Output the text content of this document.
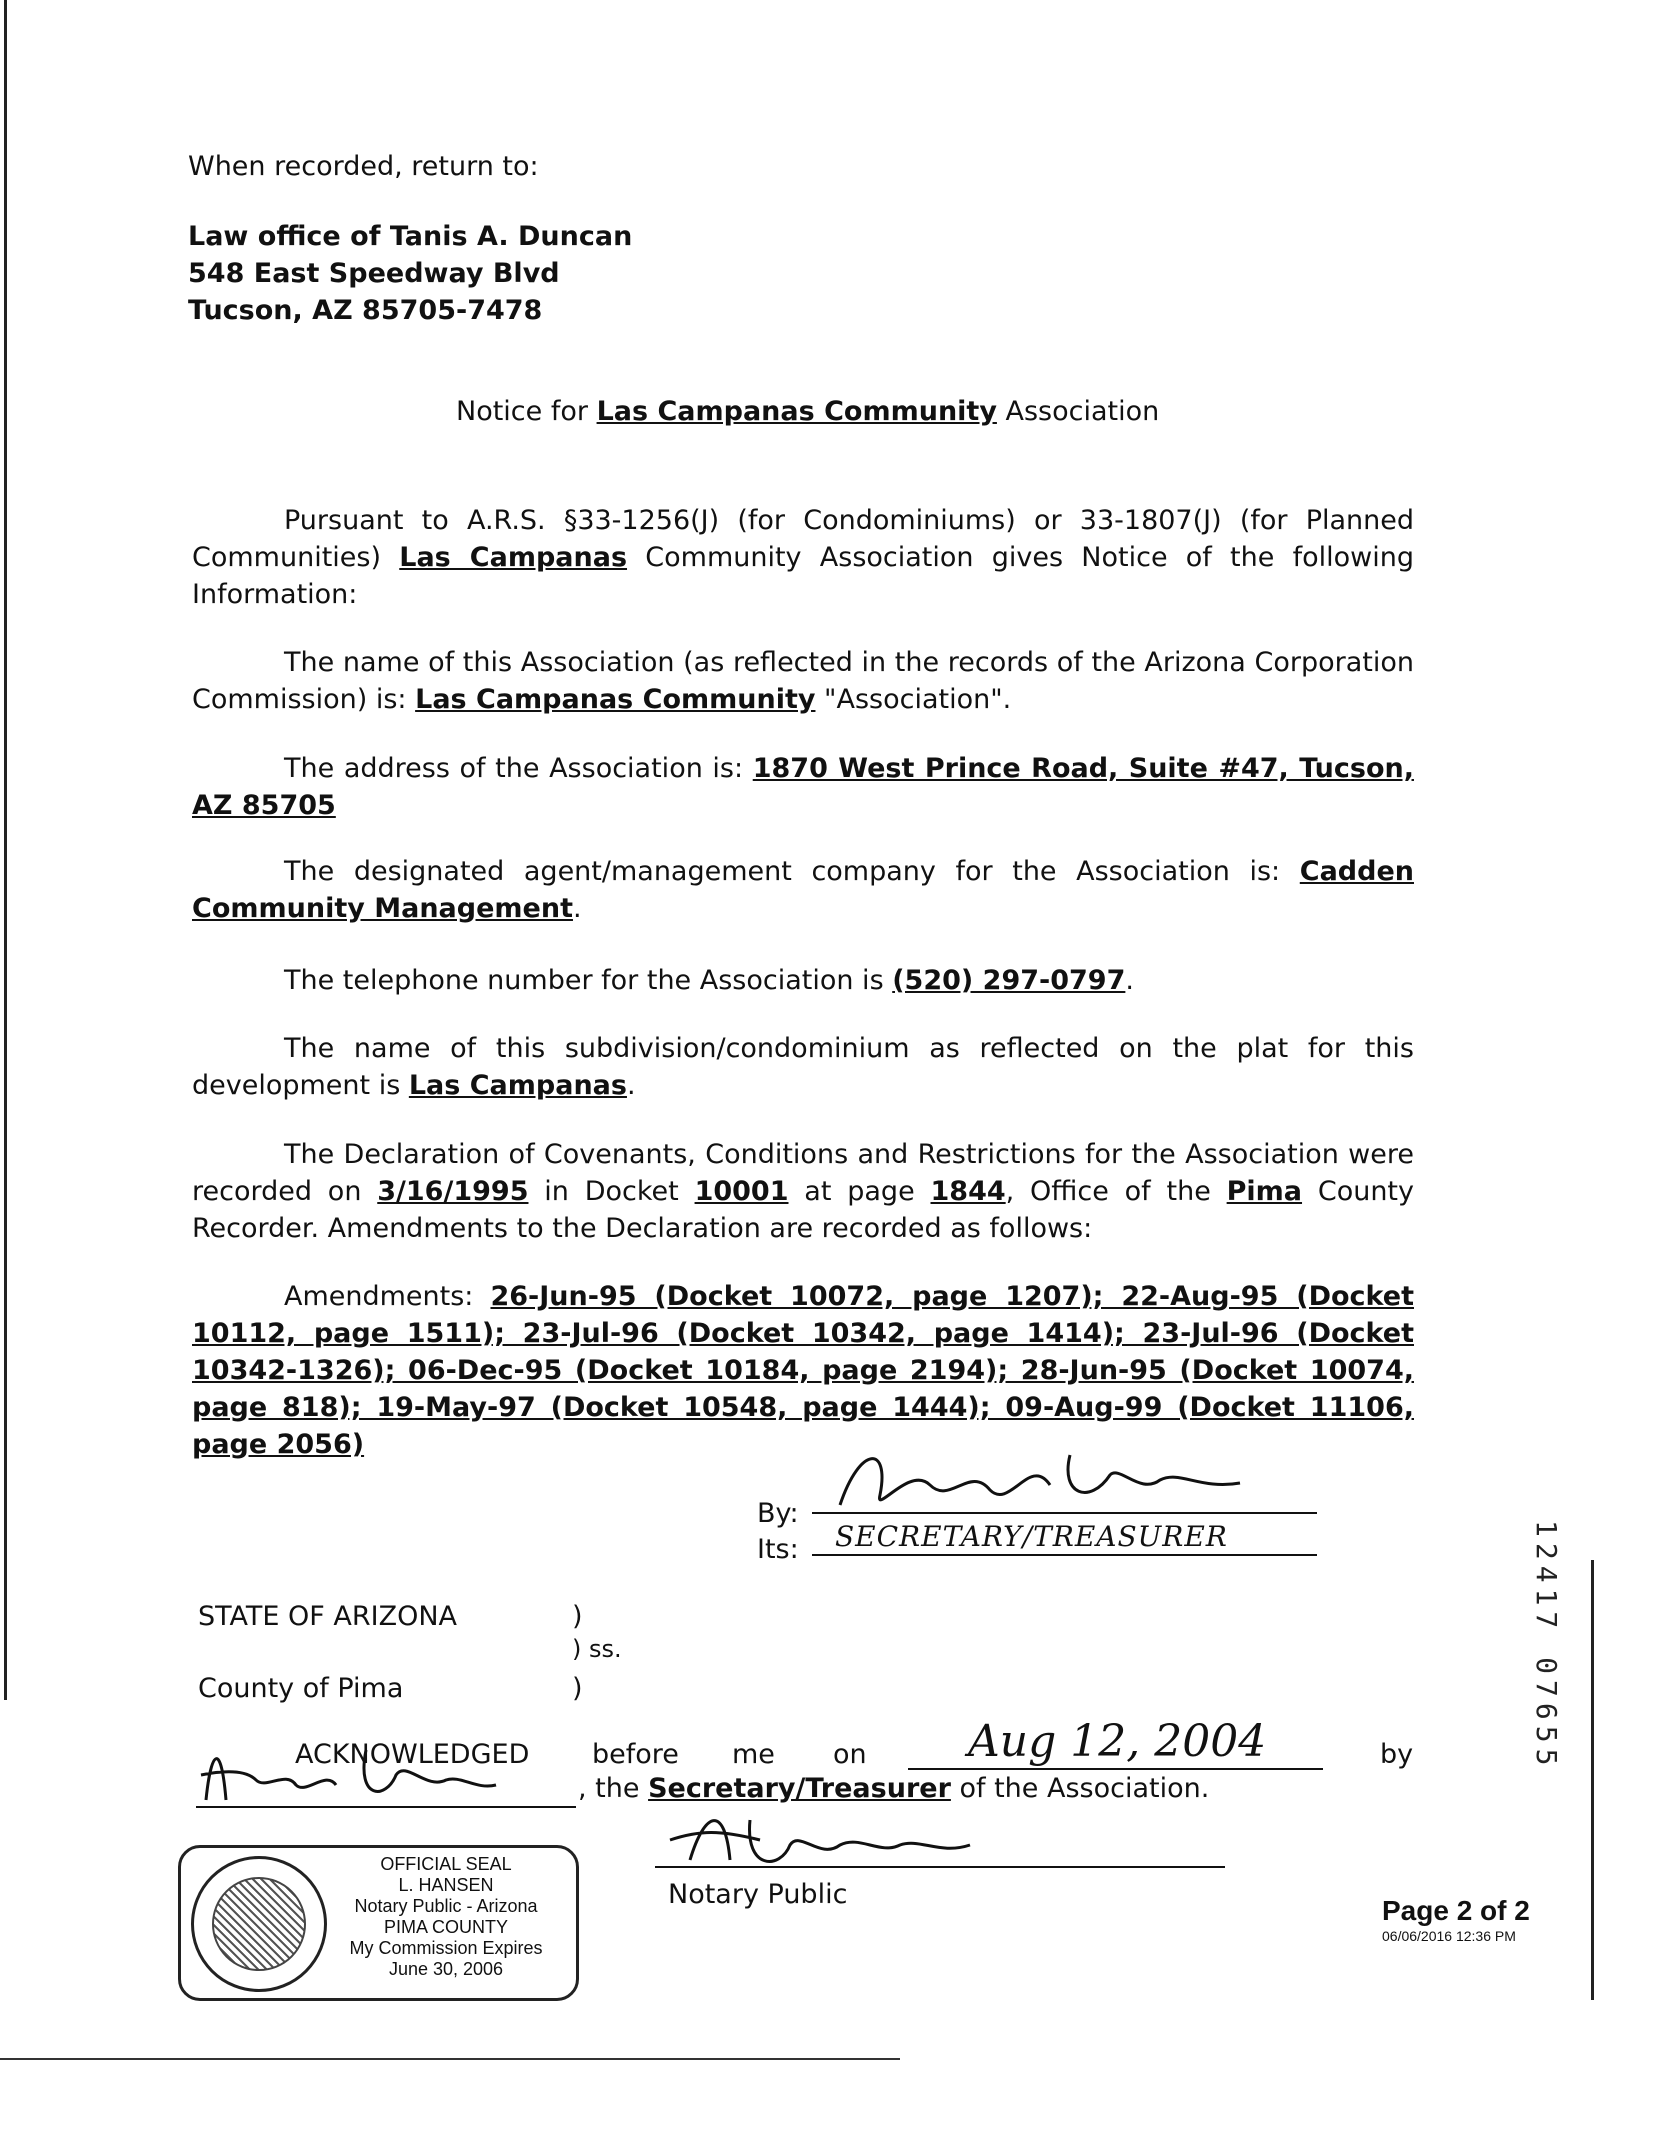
When recorded, return to:
Law office of Tanis A. Duncan
548 East Speedway Blvd
Tucson, AZ 85705-7478
Notice for Las Campanas Community Association
Pursuant to A.R.S. §33-1256(J) (for Condominiums) or 33-1807(J) (for Planned Communities) Las Campanas Community Association gives Notice of the following Information:
The name of this Association (as reflected in the records of the Arizona Corporation Commission) is: Las Campanas Community "Association".
The address of the Association is: 1870 West Prince Road, Suite #47, Tucson, AZ 85705
The designated agent/management company for the Association is: Cadden Community Management.
The telephone number for the Association is (520) 297-0797.
The name of this subdivision/condominium as reflected on the plat for this development is Las Campanas.
The Declaration of Covenants, Conditions and Restrictions for the Association were recorded on 3/16/1995 in Docket 10001 at page 1844, Office of the Pima County Recorder. Amendments to the Declaration are recorded as follows:
Amendments: 26-Jun-95 (Docket 10072, page 1207); 22-Aug-95 (Docket 10112, page 1511); 23-Jul-96 (Docket 10342, page 1414); 23-Jul-96 (Docket 10342-1326); 06-Dec-95 (Docket 10184, page 2194); 28-Jun-95 (Docket 10074, page 818); 19-May-97 (Docket 10548, page 1444); 09-Aug-99 (Docket 11106, page 2056)
By:
Its: SECRETARY/TREASURER
STATE OF ARIZONA	)
) ss.
County of Pima	)
ACKNOWLEDGED before me on Aug 12, 2004	by
, the Secretary/Treasurer of the Association.
Notary Public
OFFICIAL SEAL
L. HANSEN
Notary Public - Arizona
PIMA COUNTY
My Commission Expires
June 30, 2006
12417 07655
Page 2 of 2
06/06/2016 12:36 PM
